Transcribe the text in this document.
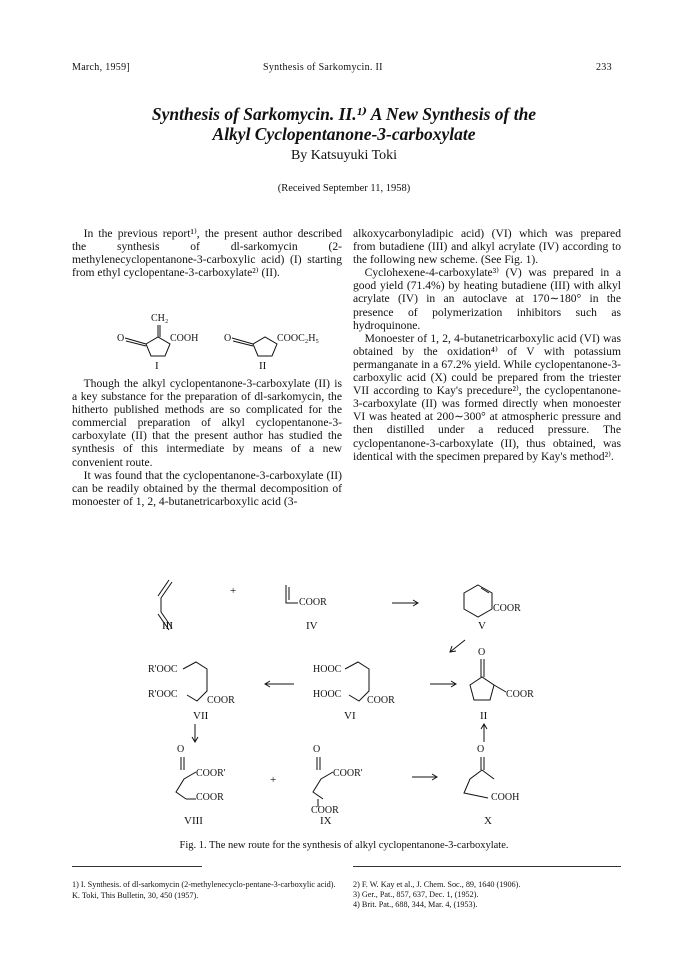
March, 1959]	Synthesis of Sarkomycin. II	233
Synthesis of Sarkomycin. II.¹⁾ A New Synthesis of the
Alkyl Cyclopentanone-3-carboxylate
By Katsuyuki Toki
(Received September 11, 1958)

In the previous report¹⁾, the present author described the synthesis of dl-sarkomycin (2-methylenecyclopentanone-3-carboxylic acid) (I) starting from ethyl cyclopentane-3-carboxylate²⁾ (II).

Though the alkyl cyclopentanone-3-carboxylate (II) is a key substance for the preparation of dl-sarkomycin, the hitherto published methods are so complicated for the commercial preparation of alkyl cyclopentanone-3-carboxylate (II) that the present author has studied the synthesis of this intermediate by means of a new convenient route.

It was found that the cyclopentanone-3-carboxylate (II) can be readily obtained by the thermal decomposition of monoester of 1, 2, 4-butanetricarboxylic acid (3-

alkoxycarbonyladipic acid) (VI) which was prepared from butadiene (III) and alkyl acrylate (IV) according to the following new scheme. (See Fig. 1).

Cyclohexene-4-carboxylate³⁾ (V) was prepared in a good yield (71.4%) by heating butadiene (III) with alkyl acrylate (IV) in an autoclave at 170∼180° in the presence of polymerization inhibitors such as hydroquinone.

Monoester of 1, 2, 4-butanetricarboxylic acid (VI) was obtained by the oxidation⁴⁾ of V with potassium permanganate in a 67.2% yield. While cyclopentanone-3-carboxylic acid (X) could be prepared from the triester VII according to Kay's precedure²⁾, the cyclopentanone-3-carboxylate (II) was formed directly when monoester VI was heated at 200∼300° at atmospheric pressure and then distilled under a reduced pressure. The cyclopentanone-3-carboxylate (II), thus obtained, was identical with the specimen prepared by Kay's method²⁾.

CH₂
O	COOH
I
O	COOC₂H₅
II
+
COOR
COOR
III	IV	V
O
R'OOC
R'OOC
COOR
HOOC
HOOC
COOR
COOR
VII	VI	II
O	O	O
COOR'	COOR'
+
COOR	COOH
COOR
VIII	IX	X
Fig. 1. The new route for the synthesis of alkyl cyclopentanone-3-carboxylate.
1) I. Synthesis. of dl-sarkomycin (2-methylenecyclo-pentane-3-carboxylic acid). K. Toki, This Bulletin, 30, 450 (1957).
2) F. W. Kay et al., J. Chem. Soc., 89, 1640 (1906).
3) Ger., Pat., 857, 637, Dec. 1, (1952).
4) Brit. Pat., 688, 344, Mar. 4, (1953).
